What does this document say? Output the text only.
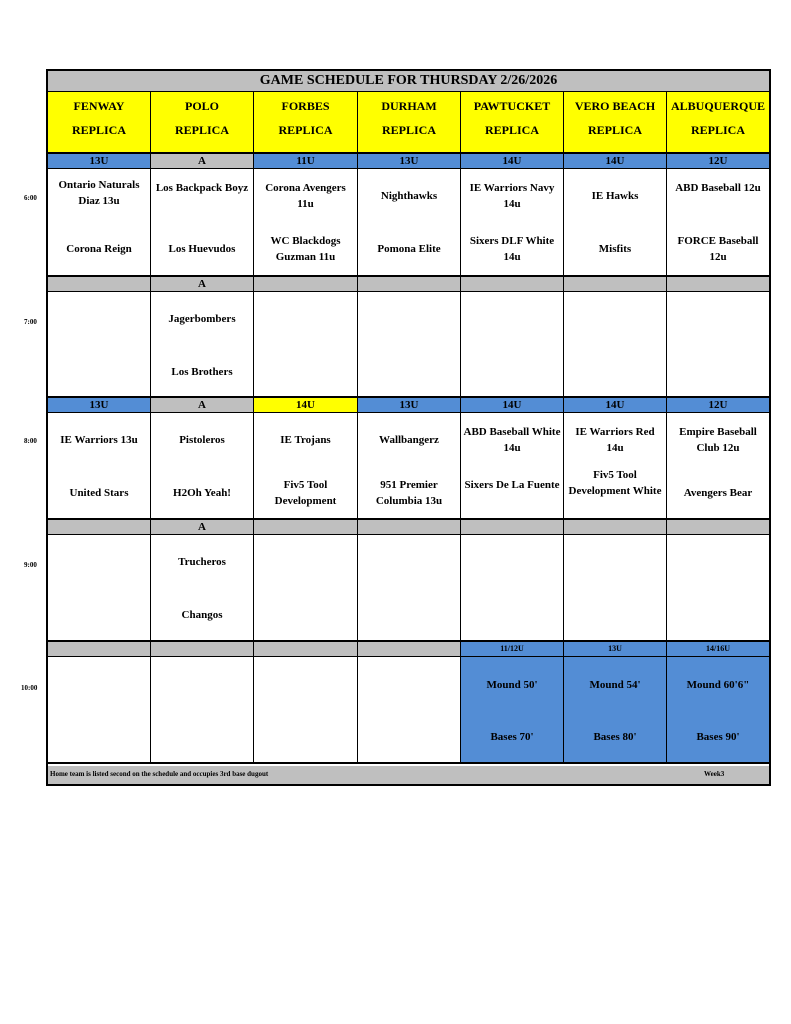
GAME SCHEDULE FOR THURSDAY 2/26/2026
FENWAY
REPLICA
POLO
REPLICA
FORBES
REPLICA
DURHAM
REPLICA
PAWTUCKET
REPLICA
VERO BEACH
REPLICA
ALBUQUERQUE
REPLICA
13U
Ontario Naturals Diaz 13u
Corona Reign
A
Los Backpack Boyz
Los Huevudos
11U
Corona Avengers 11u
WC Blackdogs Guzman 11u
13U
Nighthawks
Pomona Elite
14U
IE Warriors Navy 14u
Sixers DLF White 14u
14U
IE Hawks
Misfits
12U
ABD Baseball 12u
FORCE Baseball 12u
A
Jagerbombers
Los Brothers
13U
IE Warriors 13u
United Stars
A
Pistoleros
H2Oh Yeah!
14U
IE Trojans
Fiv5 Tool Development
13U
Wallbangerz
951 Premier Columbia 13u
14U
ABD Baseball White 14u
Sixers De La Fuente
14U
IE Warriors Red 14u
Fiv5 Tool Development White
12U
Empire Baseball Club 12u
Avengers Bear
A
Trucheros
Changos
11/12U
Mound 50'
Bases 70'
13U
Mound 54'
Bases 80'
14/16U
Mound 60'6"
Bases 90'
Home team is listed second on the schedule and occupies 3rd base dugout	Week3
6:00
7:00
8:00
9:00
10:00
